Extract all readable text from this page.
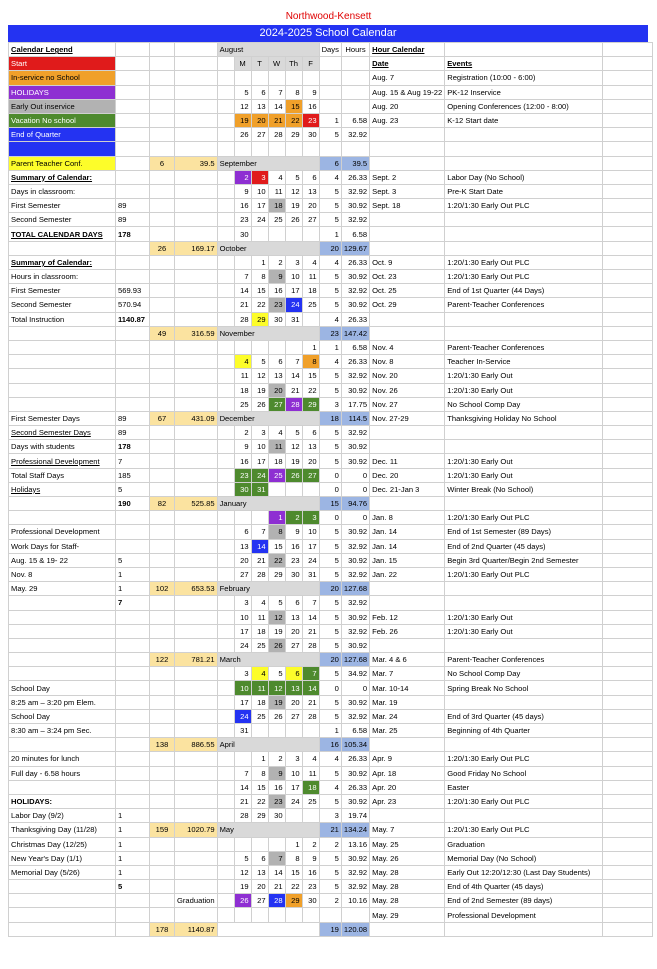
Northwood-Kensett
2024-2025 School Calendar
Calendar Legend				August						Days	Hours	Hour Calendar		
Start					M	T	W	Th	F			Date	Events	
In-service no School												Aug. 7	Registration (10:00 - 6:00)	
HOLIDAYS					5	6	7	8	9			Aug. 15 & Aug 19-22	PK-12 Inservice	
Early Out inservice					12	13	14	15	16			Aug. 20	Opening Conferences (12:00 - 8:00)	
Vacation No school					19	20	21	22	23	1	6.58	Aug. 23	K-12 Start date	
End of Quarter					26	27	28	29	30	5	32.92			

Parent Teacher Conf.		6	39.5	September						6	39.5			
Summary of Calendar:					2	3	4	5	6	4	26.33	Sept. 2	Labor Day (No School)	
Days in classroom:					9	10	11	12	13	5	32.92	Sept. 3	Pre-K Start Date	
First Semester	89				16	17	18	19	20	5	30.92	Sept. 18	1:20/1:30 Early Out PLC	
Second Semester	89				23	24	25	26	27	5	32.92			
TOTAL CALENDAR DAYS	178				30					1	6.58			
		26	169.17	October						20	129.67			
Summary of Calendar:						1	2	3	4	4	26.33	Oct. 9	1:20/1:30 Early Out PLC	
Hours in classroom:					7	8	9	10	11	5	30.92	Oct. 23	1:20/1:30 Early Out PLC	
First Semester	569.93				14	15	16	17	18	5	32.92	Oct. 25	End of 1st Quarter (44 Days)	
Second Semester	570.94				21	22	23	24	25	5	30.92	Oct. 29	Parent-Teacher Conferences	
Total Instruction	1140.87				28	29	30	31		4	26.33			
		49	316.59	November						23	147.42			
									1	1	6.58	Nov. 4	Parent-Teacher Conferences	
					4	5	6	7	8	4	26.33	Nov. 8	Teacher In-Service	
					11	12	13	14	15	5	32.92	Nov. 20	1:20/1:30 Early Out	
					18	19	20	21	22	5	30.92	Nov. 26	1:20/1:30 Early Out	
					25	26	27	28	29	3	17.75	Nov. 27	No School Comp Day	
First Semester Days	89	67	431.09	December						18	114.5	Nov. 27-29	Thanksgiving Holiday No School	
Second Semester Days	89				2	3	4	5	6	5	32.92			
Days with students	178				9	10	11	12	13	5	30.92			
Professional Development	7				16	17	18	19	20	5	30.92	Dec. 11	1:20/1:30 Early Out	
Total Staff Days	185				23	24	25	26	27	0	0	Dec. 20	1:20/1:30 Early Out	
Holidays	5				30	31				0	0	Dec. 21-Jan 3	Winter Break (No School)	
	190	82	525.85	January						15	94.76			
							1	2	3	0	0	Jan. 8	1:20/1:30 Early Out PLC	
Professional Development					6	7	8	9	10	5	30.92	Jan. 14	End of 1st Semester (89 Days)	
Work Days for Staff-					13	14	15	16	17	5	32.92	Jan. 14	End of 2nd Quarter (45 days)	
Aug. 15 & 19- 22	5				20	21	22	23	24	5	30.92	Jan. 15	Begin 3rd Quarter/Begin 2nd Semester	
Nov. 8	1				27	28	29	30	31	5	32.92	Jan. 22	1:20/1:30 Early Out PLC	
May. 29	1	102	653.53	February						20	127.68			
	7				3	4	5	6	7	5	32.92			
					10	11	12	13	14	5	30.92	Feb. 12	1:20/1:30 Early Out	
					17	18	19	20	21	5	32.92	Feb. 26	1:20/1:30 Early Out	
					24	25	26	27	28	5	30.92			
		122	781.21	March						20	127.68	Mar. 4 & 6	Parent-Teacher Conferences	
					3	4	5	6	7	5	34.92	Mar. 7	No School Comp Day	
School Day					10	11	12	13	14	0	0	Mar. 10-14	Spring Break No School	
8:25 am – 3:20 pm Elem.					17	18	19	20	21	5	30.92	Mar. 19		
School Day					24	25	26	27	28	5	32.92	Mar. 24	End of 3rd Quarter (45 days)	
8:30 am – 3:24 pm Sec.					31					1	6.58	Mar. 25	Beginning of 4th Quarter	
		138	886.55	April						16	105.34			
20 minutes for lunch						1	2	3	4	4	26.33	Apr. 9	1:20/1:30 Early Out PLC	
Full day - 6.58 hours					7	8	9	10	11	5	30.92	Apr. 18	Good Friday No School	
					14	15	16	17	18	4	26.33	Apr. 20	Easter	
HOLIDAYS:					21	22	23	24	25	5	30.92	Apr. 23	1:20/1:30 Early Out PLC	
Labor Day (9/2)	1				28	29	30			3	19.74			
Thanksgiving Day (11/28)	1	159	1020.79	May						21	134.24	May. 7	1:20/1:30 Early Out PLC	
Christmas Day (12/25)	1							1	2	2	13.16	May. 25	Graduation	
New Year's Day (1/1)	1				5	6	7	8	9	5	30.92	May. 26	Memorial Day (No School)	
Memorial Day (5/26)	1				12	13	14	15	16	5	32.92	May. 28	Early Out 12:20/12:30 (Last Day Students)	
	5				19	20	21	22	23	5	32.92	May. 28	End of 4th Quarter (45 days)	
			Graduation		26	27	28	29	30	2	10.16	May. 28	End of 2nd Semester (89 days)	
												May. 29	Professional Development	
		178	1140.87							19	120.08			
